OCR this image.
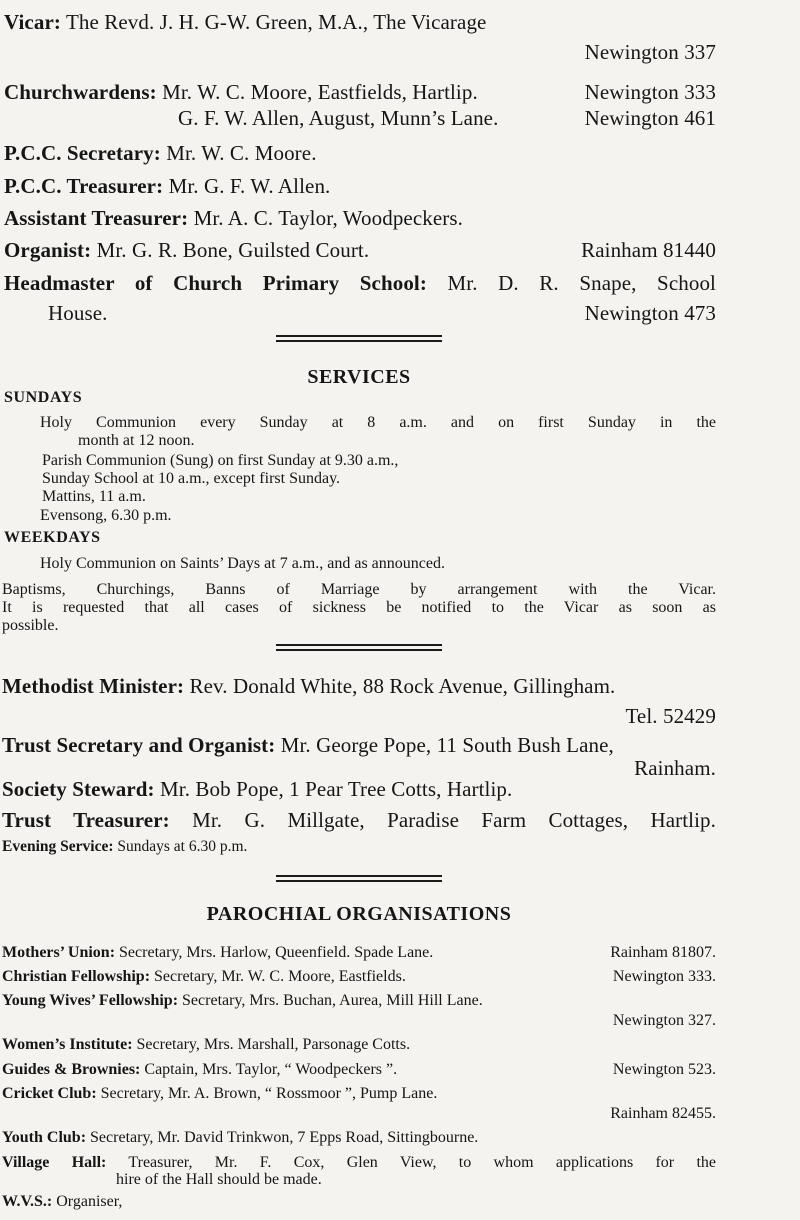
Vicar: The Revd. J. H. G-W. Green, M.A., The Vicarage
Newington 337
Churchwardens: Mr. W. C. Moore, Eastfields, Hartlip.	Newington 333
G. F. W. Allen, August, Munn’s Lane.	Newington 461
P.C.C. Secretary: Mr. W. C. Moore.
P.C.C. Treasurer: Mr. G. F. W. Allen.
Assistant Treasurer: Mr. A. C. Taylor, Woodpeckers.
Organist: Mr. G. R. Bone, Guilsted Court.	Rainham 81440
Headmaster of Church Primary School: Mr. D. R. Snape, School
House.	Newington 473
SERVICES
SUNDAYS
Holy Communion every Sunday at 8 a.m. and on first Sunday in the
month at 12 noon.
Parish Communion (Sung) on first Sunday at 9.30 a.m.,
Sunday School at 10 a.m., except first Sunday.
Mattins, 11 a.m.
Evensong, 6.30 p.m.
WEEKDAYS
Holy Communion on Saints’ Days at 7 a.m., and as announced.
Baptisms, Churchings, Banns of Marriage by arrangement with the Vicar.
It is requested that all cases of sickness be notified to the Vicar as soon as
possible.
Methodist Minister: Rev. Donald White, 88 Rock Avenue, Gillingham.
Tel. 52429
Trust Secretary and Organist: Mr. George Pope, 11 South Bush Lane,
Rainham.
Society Steward: Mr. Bob Pope, 1 Pear Tree Cotts, Hartlip.
Trust Treasurer: Mr. G. Millgate, Paradise Farm Cottages, Hartlip.
Evening Service: Sundays at 6.30 p.m.
PAROCHIAL ORGANISATIONS
Mothers’ Union: Secretary, Mrs. Harlow, Queenfield. Spade Lane.	Rainham 81807.
Christian Fellowship: Secretary, Mr. W. C. Moore, Eastfields.	Newington 333.
Young Wives’ Fellowship: Secretary, Mrs. Buchan, Aurea, Mill Hill Lane.
Newington 327.
Women’s Institute: Secretary, Mrs. Marshall, Parsonage Cotts.
Guides & Brownies: Captain, Mrs. Taylor, “ Woodpeckers ”.	Newington 523.
Cricket Club: Secretary, Mr. A. Brown, “ Rossmoor ”, Pump Lane.
Rainham 82455.
Youth Club: Secretary, Mr. David Trinkwon, 7 Epps Road, Sittingbourne.
Village Hall: Treasurer, Mr. F. Cox, Glen View, to whom applications for the
hire of the Hall should be made.
W.V.S.: Organiser,
